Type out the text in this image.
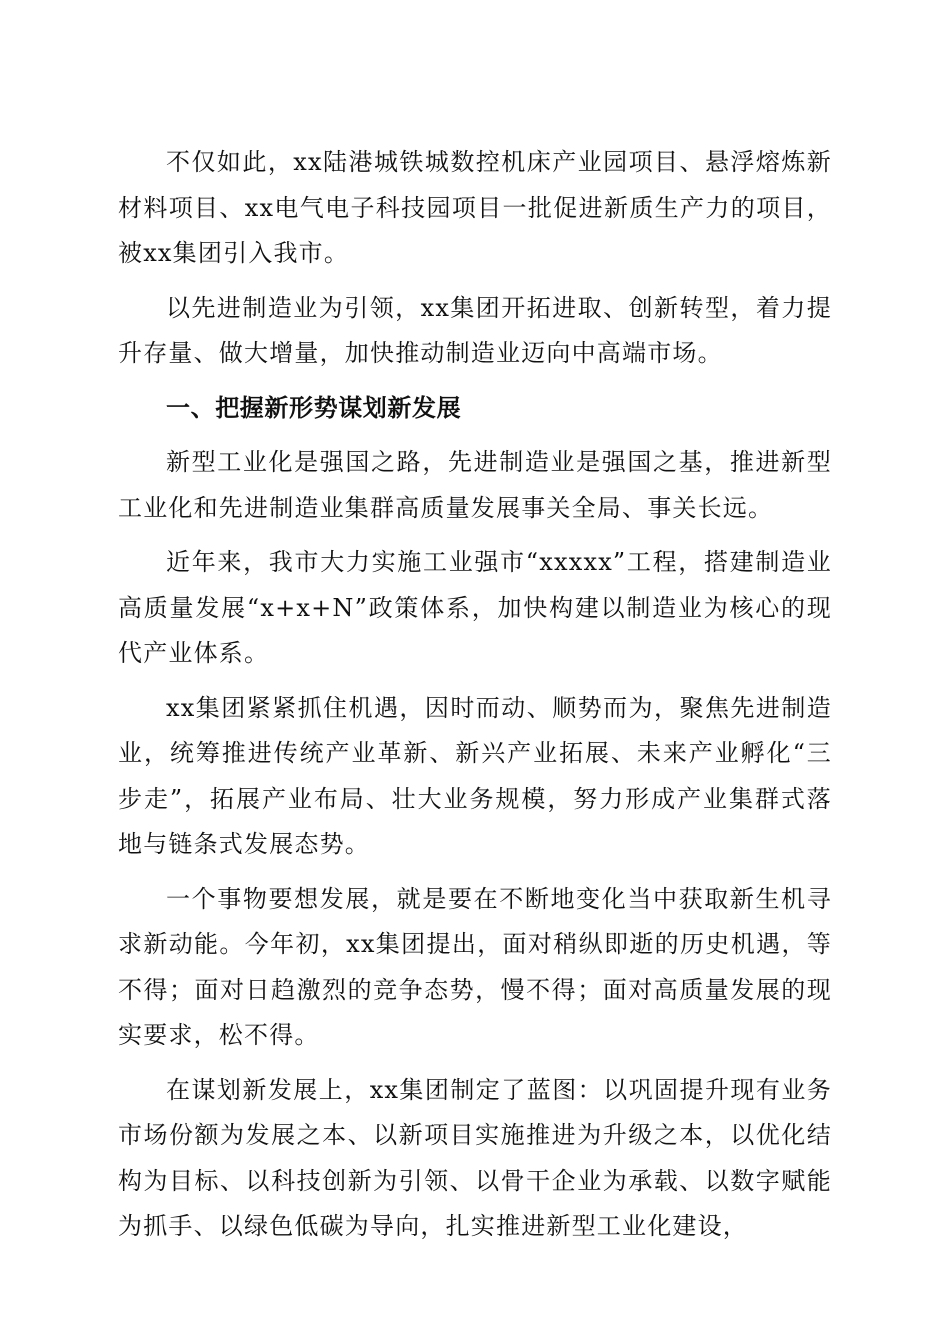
不仅如此，xx陆港城铁城数控机床产业园项目、悬浮熔炼新材料项目、xx电气电子科技园项目一批促进新质生产力的项目，被xx集团引入我市。

以先进制造业为引领，xx集团开拓进取、创新转型，着力提升存量、做大增量，加快推动制造业迈向中高端市场。

一、把握新形势谋划新发展

新型工业化是强国之路，先进制造业是强国之基，推进新型工业化和先进制造业集群高质量发展事关全局、事关长远。

近年来，我市大力实施工业强市“xxxxx”工程，搭建制造业高质量发展“x+x+N”政策体系，加快构建以制造业为核心的现代产业体系。

xx集团紧紧抓住机遇，因时而动、顺势而为，聚焦先进制造业，统筹推进传统产业革新、新兴产业拓展、未来产业孵化“三步走”，拓展产业布局、壮大业务规模，努力形成产业集群式落地与链条式发展态势。

一个事物要想发展，就是要在不断地变化当中获取新生机寻求新动能。今年初，xx集团提出，面对稍纵即逝的历史机遇，等不得；面对日趋激烈的竞争态势，慢不得；面对高质量发展的现实要求，松不得。

在谋划新发展上，xx集团制定了蓝图：以巩固提升现有业务市场份额为发展之本、以新项目实施推进为升级之本，以优化结构为目标、以科技创新为引领、以骨干企业为承载、以数字赋能为抓手、以绿色低碳为导向，扎实推进新型工业化建设，
